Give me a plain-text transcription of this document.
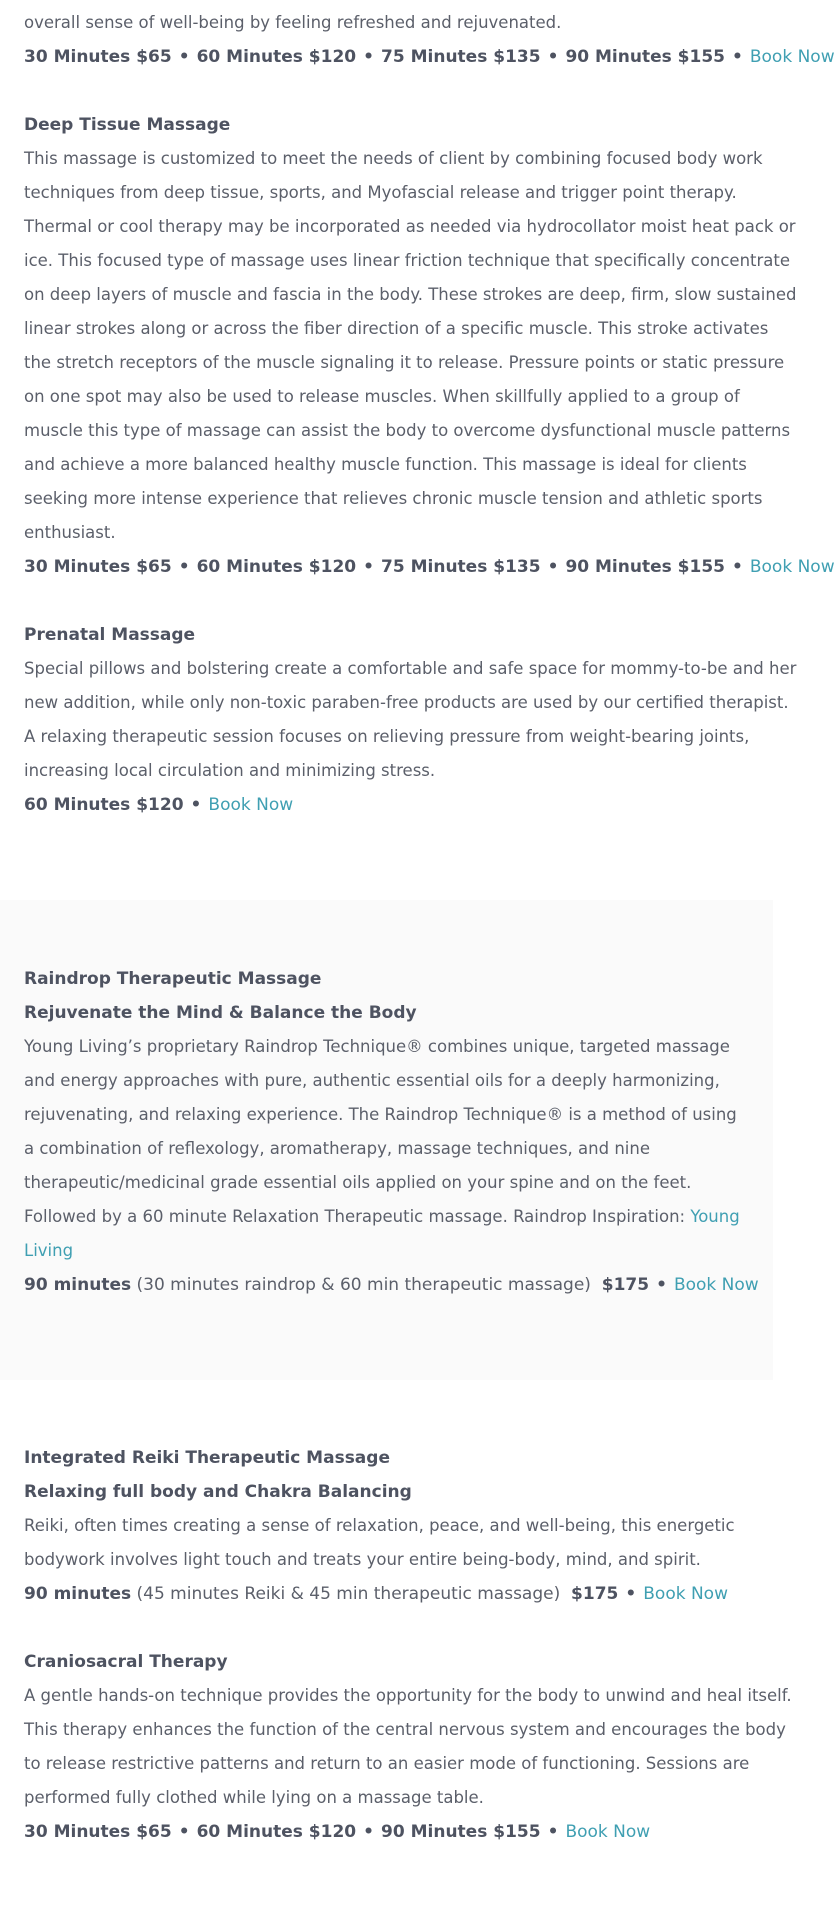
overall sense of well-being by feeling refreshed and rejuvenated.

30 Minutes $65 • 60 Minutes $120 • 75 Minutes $135 • 90 Minutes $155 • Book Now

Deep Tissue Massage

This massage is customized to meet the needs of client by combining focused body work techniques from deep tissue, sports, and Myofascial release and trigger point therapy. Thermal or cool therapy may be incorporated as needed via hydrocollator moist heat pack or ice. This focused type of massage uses linear friction technique that specifically concentrate on deep layers of muscle and fascia in the body. These strokes are deep, firm, slow sustained linear strokes along or across the fiber direction of a specific muscle. This stroke activates the stretch receptors of the muscle signaling it to release. Pressure points or static pressure on one spot may also be used to release muscles. When skillfully applied to a group of muscle this type of massage can assist the body to overcome dysfunctional muscle patterns and achieve a more balanced healthy muscle function. This massage is ideal for clients seeking more intense experience that relieves chronic muscle tension and athletic sports enthusiast.

30 Minutes $65 • 60 Minutes $120 • 75 Minutes $135 • 90 Minutes $155 • Book Now

Prenatal Massage

Special pillows and bolstering create a comfortable and safe space for mommy-to-be and her new addition, while only non-toxic paraben-free products are used by our certified therapist. A relaxing therapeutic session focuses on relieving pressure from weight-bearing joints, increasing local circulation and minimizing stress.

60 Minutes $120 • Book Now

Raindrop Therapeutic Massage

Rejuvenate the Mind & Balance the Body

Young Living’s proprietary Raindrop Technique® combines unique, targeted massage and energy approaches with pure, authentic essential oils for a deeply harmonizing, rejuvenating, and relaxing experience. The Raindrop Technique® is a method of using a combination of reflexology, aromatherapy, massage techniques, and nine therapeutic/medicinal grade essential oils applied on your spine and on the feet. Followed by a 60 minute Relaxation Therapeutic massage. Raindrop Inspiration: Young Living

90 minutes (30 minutes raindrop & 60 min therapeutic massage) $175 • Book Now

Integrated Reiki Therapeutic Massage

Relaxing full body and Chakra Balancing

Reiki, often times creating a sense of relaxation, peace, and well-being, this energetic bodywork involves light touch and treats your entire being-body, mind, and spirit.

90 minutes (45 minutes Reiki & 45 min therapeutic massage) $175 • Book Now

Craniosacral Therapy

A gentle hands-on technique provides the opportunity for the body to unwind and heal itself. This therapy enhances the function of the central nervous system and encourages the body to release restrictive patterns and return to an easier mode of functioning. Sessions are performed fully clothed while lying on a massage table.

30 Minutes $65 • 60 Minutes $120 • 90 Minutes $155 • Book Now
